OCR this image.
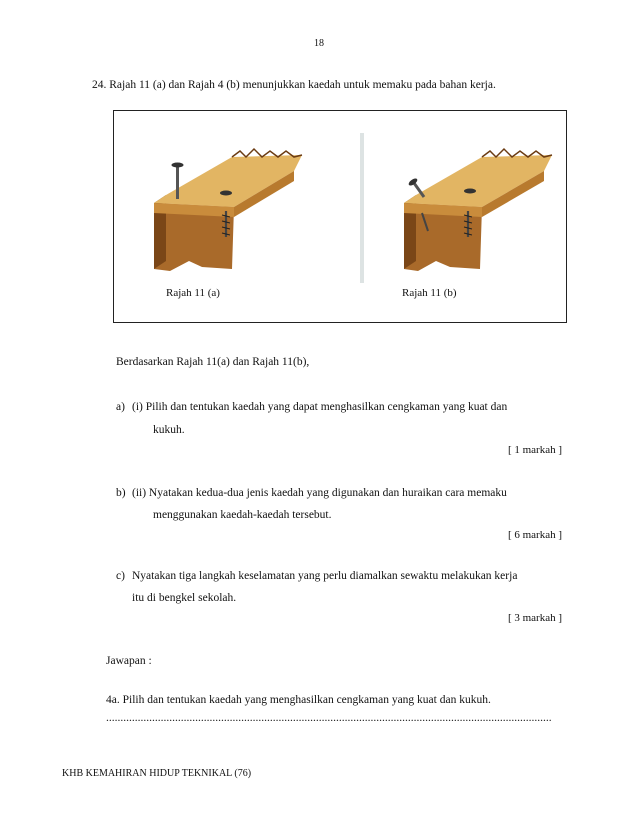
18
24. Rajah 11 (a) dan Rajah 4 (b) menunjukkan kaedah untuk memaku pada bahan kerja.
Rajah 11 (a)	Rajah 11 (b)
Berdasarkan Rajah 11(a) dan Rajah 11(b),
a) (i) Pilih dan tentukan kaedah yang dapat menghasilkan cengkaman yang kuat dan
kukuh.
[ 1 markah ]
b) (ii) Nyatakan kedua-dua jenis kaedah yang digunakan dan huraikan cara memaku
menggunakan kaedah-kaedah tersebut.
[ 6 markah ]
c) Nyatakan tiga langkah keselamatan yang perlu diamalkan sewaktu melakukan kerja
itu di bengkel sekolah.
[ 3 markah ]
Jawapan :
4a. Pilih dan tentukan kaedah yang menghasilkan cengkaman yang kuat dan kukuh.
...........................................................................................................................................................
KHB KEMAHIRAN HIDUP TEKNIKAL (76)
